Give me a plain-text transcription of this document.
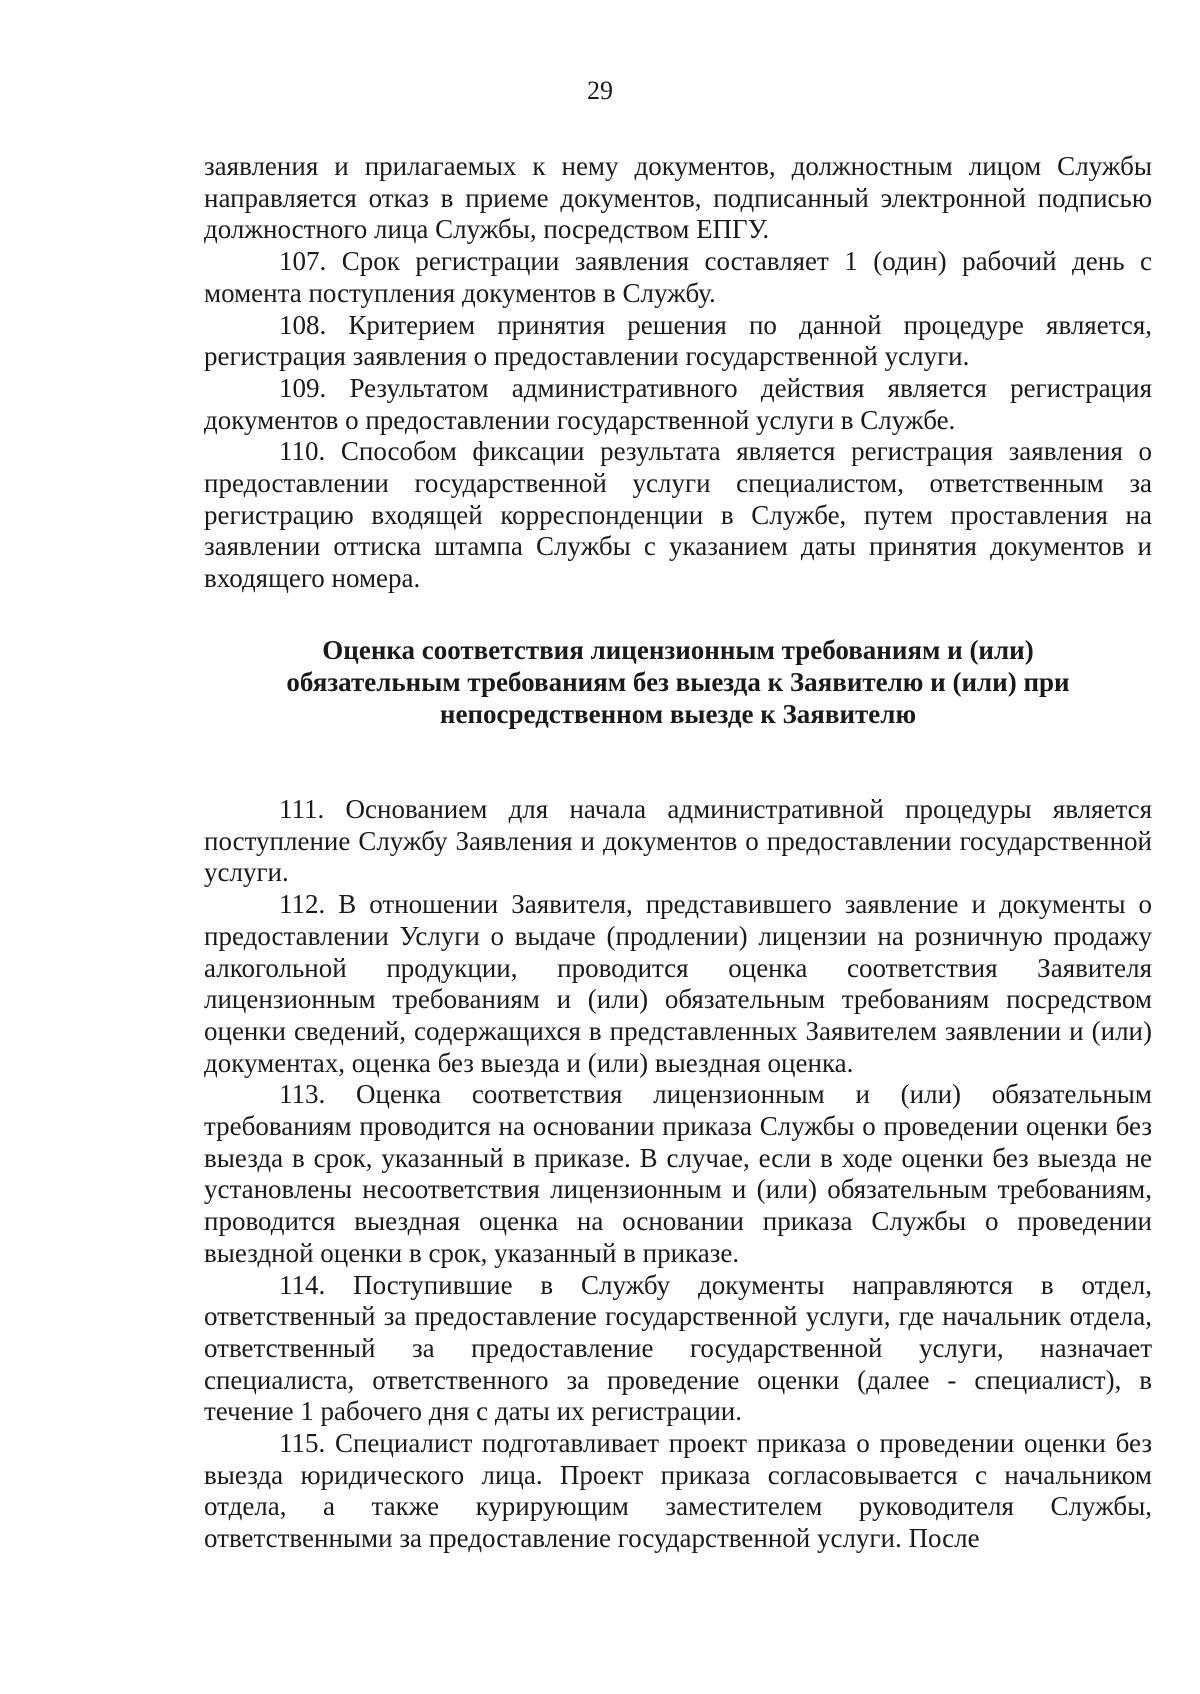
29

заявления и прилагаемых к нему документов, должностным лицом Службы направляется отказ в приеме документов, подписанный электронной подписью должностного лица Службы, посредством ЕПГУ.

107. Срок регистрации заявления составляет 1 (один) рабочий день с момента поступления документов в Службу.

108. Критерием принятия решения по данной процедуре является, регистрация заявления о предоставлении государственной услуги.

109. Результатом административного действия является регистрация документов о предоставлении государственной услуги в Службе.

110. Способом фиксации результата является регистрация заявления о предоставлении государственной услуги специалистом, ответственным за регистрацию входящей корреспонденции в Службе, путем проставления на заявлении оттиска штампа Службы с указанием даты принятия документов и входящего номера.

Оценка соответствия лицензионным требованиям и (или)
обязательным требованиям без выезда к Заявителю и (или) при
непосредственном выезде к Заявителю

111. Основанием для начала административной процедуры является поступление Службу Заявления и документов о предоставлении государственной услуги.

112. В отношении Заявителя, представившего заявление и документы о предоставлении Услуги о выдаче (продлении) лицензии на розничную продажу алкогольной продукции, проводится оценка соответствия Заявителя лицензионным требованиям и (или) обязательным требованиям посредством оценки сведений, содержащихся в представленных Заявителем заявлении и (или) документах, оценка без выезда и (или) выездная оценка.

113. Оценка соответствия лицензионным и (или) обязательным требованиям проводится на основании приказа Службы о проведении оценки без выезда в срок, указанный в приказе. В случае, если в ходе оценки без выезда не установлены несоответствия лицензионным и (или) обязательным требованиям, проводится выездная оценка на основании приказа Службы о проведении выездной оценки в срок, указанный в приказе.

114. Поступившие в Службу документы направляются в отдел, ответственный за предоставление государственной услуги, где начальник отдела, ответственный за предоставление государственной услуги, назначает специалиста, ответственного за проведение оценки (далее - специалист), в течение 1 рабочего дня с даты их регистрации.

115. Специалист подготавливает проект приказа о проведении оценки без выезда юридического лица. Проект приказа согласовывается с начальником отдела, а также курирующим заместителем руководителя Службы, ответственными за предоставление государственной услуги. После
